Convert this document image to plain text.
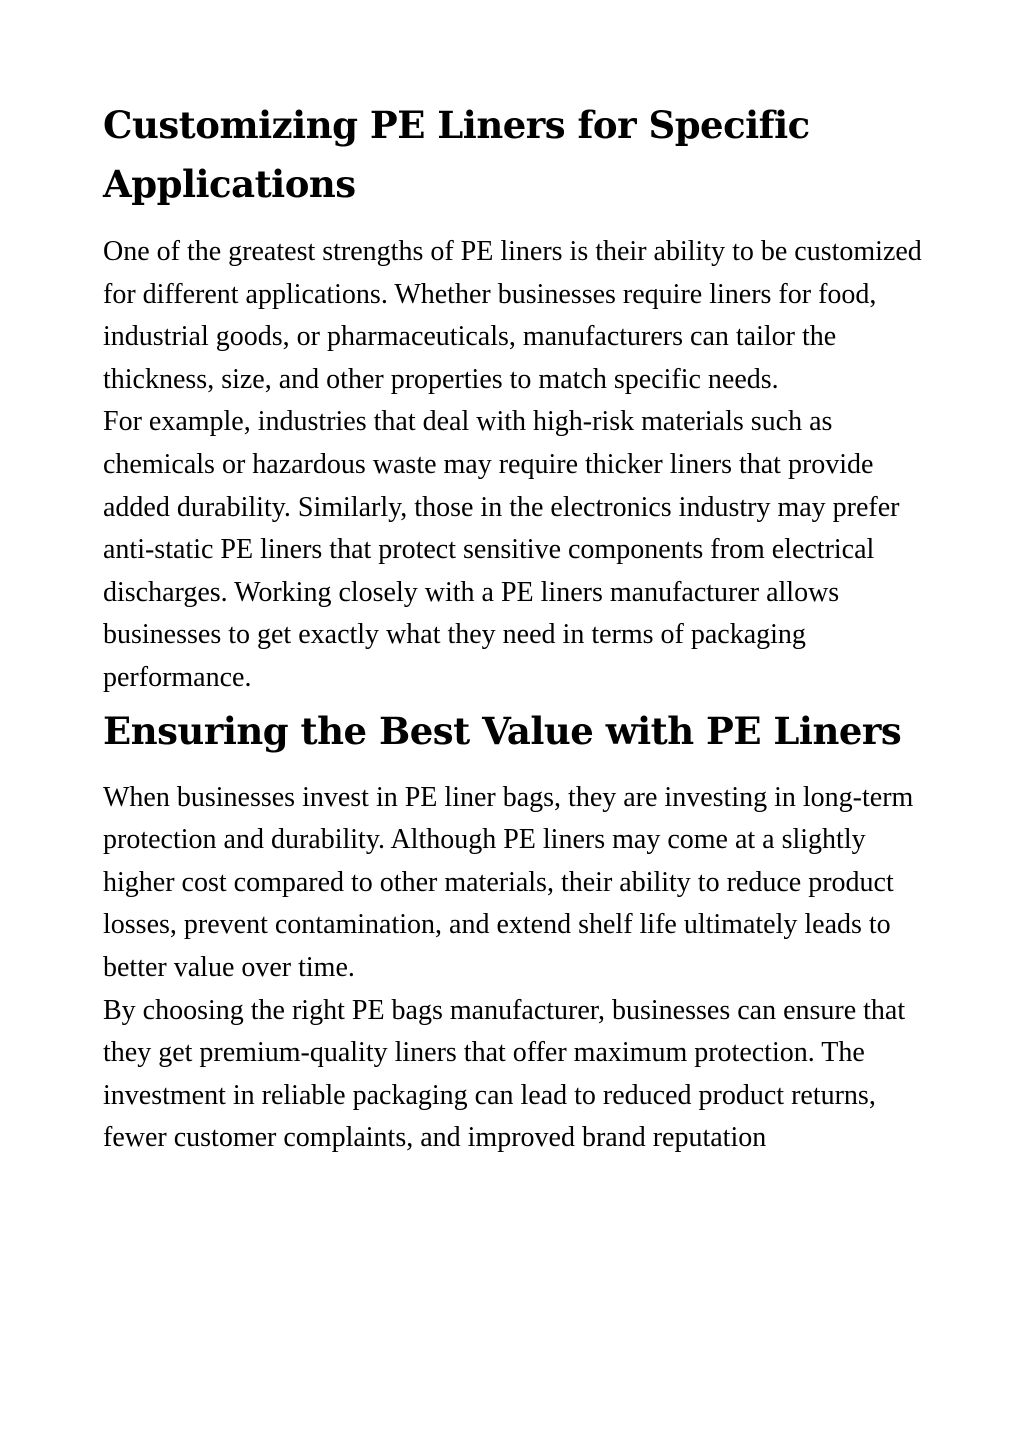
Customizing PE Liners for Specific Applications

One of the greatest strengths of PE liners is their ability to be customized for different applications. Whether businesses require liners for food, industrial goods, or pharmaceuticals, manufacturers can tailor the thickness, size, and other properties to match specific needs.

For example, industries that deal with high-risk materials such as chemicals or hazardous waste may require thicker liners that provide added durability. Similarly, those in the electronics industry may prefer anti-static PE liners that protect sensitive components from electrical discharges. Working closely with a PE liners manufacturer allows businesses to get exactly what they need in terms of packaging performance.

Ensuring the Best Value with PE Liners

When businesses invest in PE liner bags, they are investing in long-term protection and durability. Although PE liners may come at a slightly higher cost compared to other materials, their ability to reduce product losses, prevent contamination, and extend shelf life ultimately leads to better value over time.

By choosing the right PE bags manufacturer, businesses can ensure that they get premium-quality liners that offer maximum protection. The investment in reliable packaging can lead to reduced product returns, fewer customer complaints, and improved brand reputation
